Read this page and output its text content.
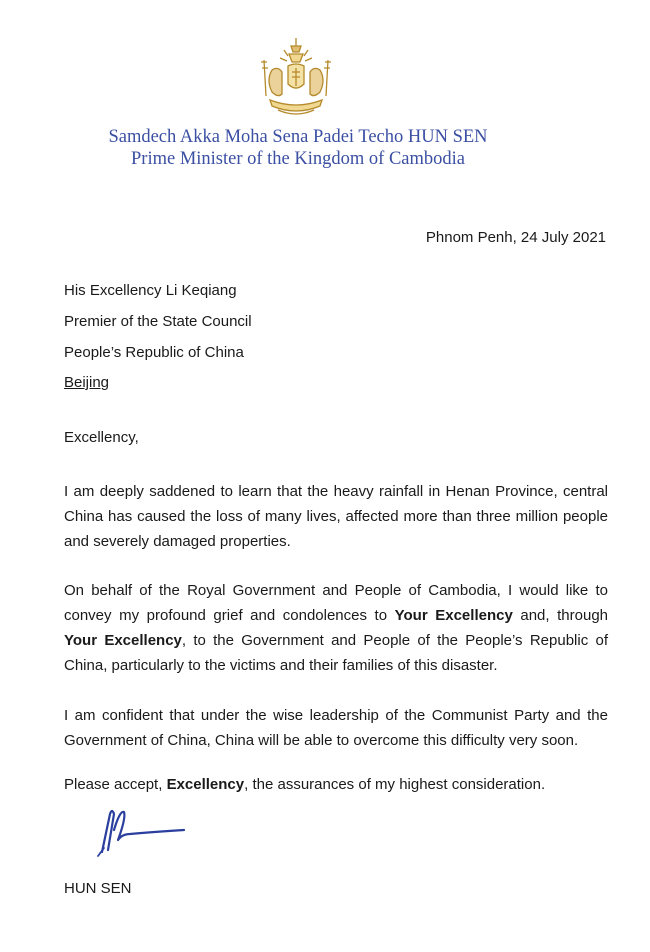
Samdech Akka Moha Sena Padei Techo HUN SEN
Prime Minister of the Kingdom of Cambodia
Phnom Penh, 24 July 2021
His Excellency Li Keqiang
Premier of the State Council
People’s Republic of China
Beijing
Excellency,
I am deeply saddened to learn that the heavy rainfall in Henan Province, central China has caused the loss of many lives, affected more than three million people and severely damaged properties.
On behalf of the Royal Government and People of Cambodia, I would like to convey my profound grief and condolences to Your Excellency and, through Your Excellency, to the Government and People of the People’s Republic of China, particularly to the victims and their families of this disaster.
I am confident that under the wise leadership of the Communist Party and the Government of China, China will be able to overcome this difficulty very soon.
Please accept, Excellency, the assurances of my highest consideration.
HUN SEN
